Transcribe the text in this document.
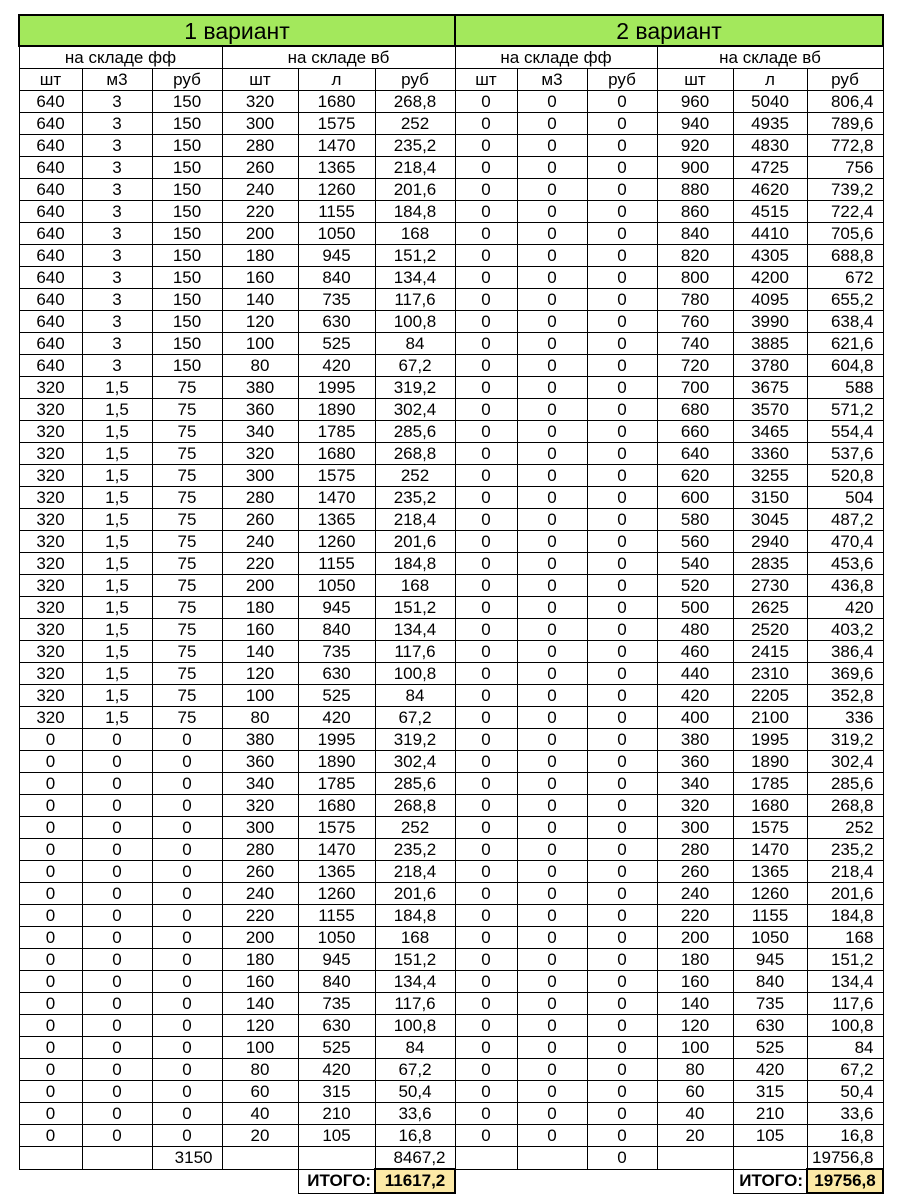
1 вариант						2 вариант					
на складе фф			на складе вб			на складе фф			на складе вб		
шт	м3	руб	шт	л	руб	шт	м3	руб	шт	л	руб
640	3	150	320	1680	268,8	0	0	0	960	5040	806,4
640	3	150	300	1575	252	0	0	0	940	4935	789,6
640	3	150	280	1470	235,2	0	0	0	920	4830	772,8
640	3	150	260	1365	218,4	0	0	0	900	4725	756
640	3	150	240	1260	201,6	0	0	0	880	4620	739,2
640	3	150	220	1155	184,8	0	0	0	860	4515	722,4
640	3	150	200	1050	168	0	0	0	840	4410	705,6
640	3	150	180	945	151,2	0	0	0	820	4305	688,8
640	3	150	160	840	134,4	0	0	0	800	4200	672
640	3	150	140	735	117,6	0	0	0	780	4095	655,2
640	3	150	120	630	100,8	0	0	0	760	3990	638,4
640	3	150	100	525	84	0	0	0	740	3885	621,6
640	3	150	80	420	67,2	0	0	0	720	3780	604,8
320	1,5	75	380	1995	319,2	0	0	0	700	3675	588
320	1,5	75	360	1890	302,4	0	0	0	680	3570	571,2
320	1,5	75	340	1785	285,6	0	0	0	660	3465	554,4
320	1,5	75	320	1680	268,8	0	0	0	640	3360	537,6
320	1,5	75	300	1575	252	0	0	0	620	3255	520,8
320	1,5	75	280	1470	235,2	0	0	0	600	3150	504
320	1,5	75	260	1365	218,4	0	0	0	580	3045	487,2
320	1,5	75	240	1260	201,6	0	0	0	560	2940	470,4
320	1,5	75	220	1155	184,8	0	0	0	540	2835	453,6
320	1,5	75	200	1050	168	0	0	0	520	2730	436,8
320	1,5	75	180	945	151,2	0	0	0	500	2625	420
320	1,5	75	160	840	134,4	0	0	0	480	2520	403,2
320	1,5	75	140	735	117,6	0	0	0	460	2415	386,4
320	1,5	75	120	630	100,8	0	0	0	440	2310	369,6
320	1,5	75	100	525	84	0	0	0	420	2205	352,8
320	1,5	75	80	420	67,2	0	0	0	400	2100	336
0	0	0	380	1995	319,2	0	0	0	380	1995	319,2
0	0	0	360	1890	302,4	0	0	0	360	1890	302,4
0	0	0	340	1785	285,6	0	0	0	340	1785	285,6
0	0	0	320	1680	268,8	0	0	0	320	1680	268,8
0	0	0	300	1575	252	0	0	0	300	1575	252
0	0	0	280	1470	235,2	0	0	0	280	1470	235,2
0	0	0	260	1365	218,4	0	0	0	260	1365	218,4
0	0	0	240	1260	201,6	0	0	0	240	1260	201,6
0	0	0	220	1155	184,8	0	0	0	220	1155	184,8
0	0	0	200	1050	168	0	0	0	200	1050	168
0	0	0	180	945	151,2	0	0	0	180	945	151,2
0	0	0	160	840	134,4	0	0	0	160	840	134,4
0	0	0	140	735	117,6	0	0	0	140	735	117,6
0	0	0	120	630	100,8	0	0	0	120	630	100,8
0	0	0	100	525	84	0	0	0	100	525	84
0	0	0	80	420	67,2	0	0	0	80	420	67,2
0	0	0	60	315	50,4	0	0	0	60	315	50,4
0	0	0	40	210	33,6	0	0	0	40	210	33,6
0	0	0	20	105	16,8	0	0	0	20	105	16,8
		3150			8467,2			0			19756,8
				ИТОГО:	11617,2					ИТОГО:	19756,8
